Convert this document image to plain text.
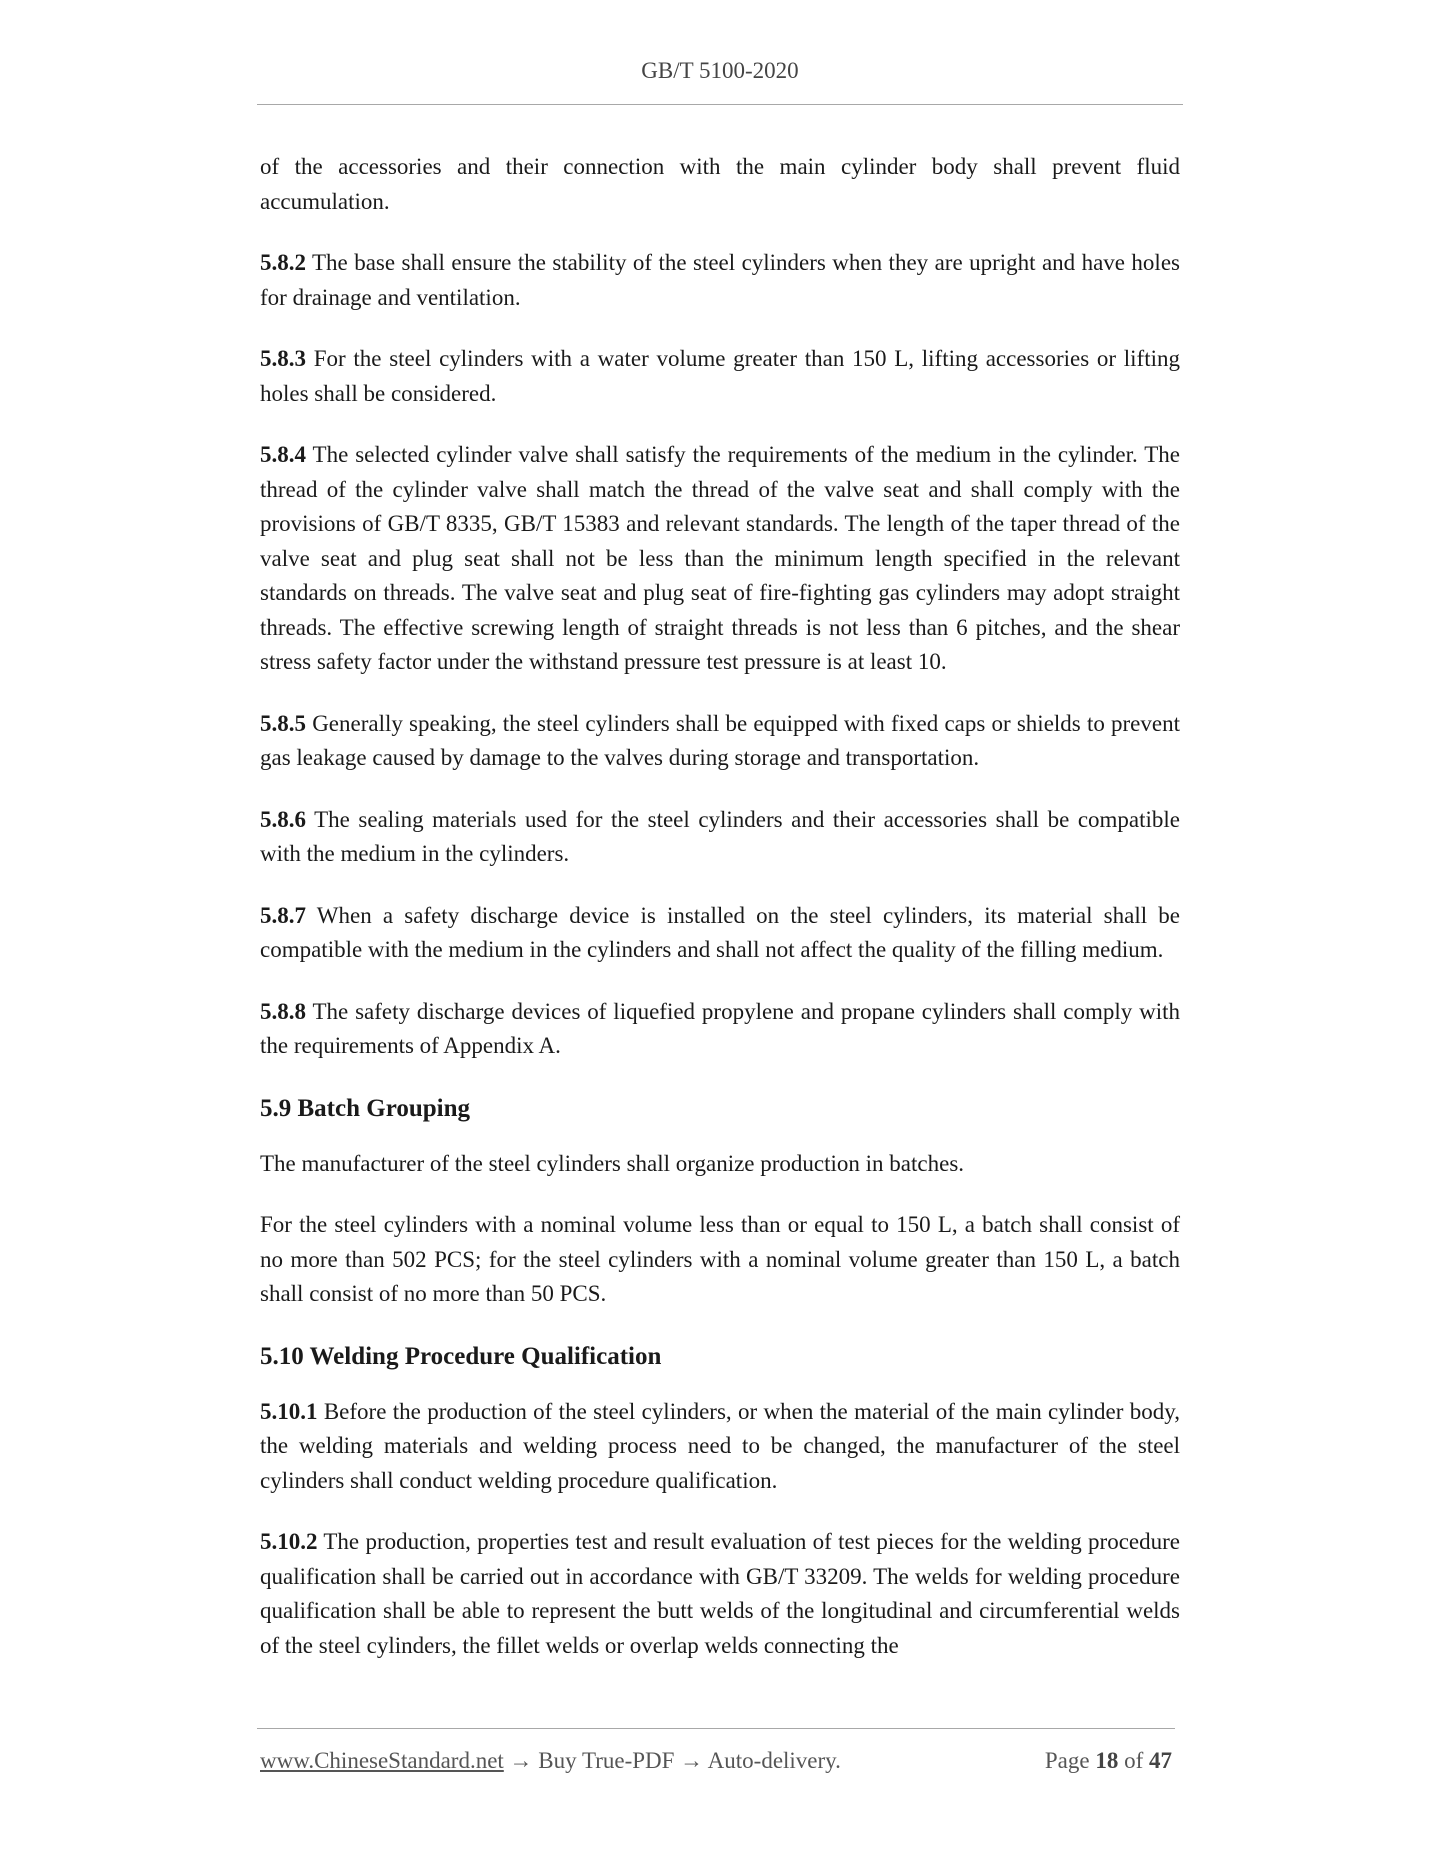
GB/T 5100-2020

of the accessories and their connection with the main cylinder body shall prevent fluid accumulation.

5.8.2 The base shall ensure the stability of the steel cylinders when they are upright and have holes for drainage and ventilation.

5.8.3 For the steel cylinders with a water volume greater than 150 L, lifting accessories or lifting holes shall be considered.

5.8.4 The selected cylinder valve shall satisfy the requirements of the medium in the cylinder. The thread of the cylinder valve shall match the thread of the valve seat and shall comply with the provisions of GB/T 8335, GB/T 15383 and relevant standards. The length of the taper thread of the valve seat and plug seat shall not be less than the minimum length specified in the relevant standards on threads. The valve seat and plug seat of fire-fighting gas cylinders may adopt straight threads. The effective screwing length of straight threads is not less than 6 pitches, and the shear stress safety factor under the withstand pressure test pressure is at least 10.

5.8.5 Generally speaking, the steel cylinders shall be equipped with fixed caps or shields to prevent gas leakage caused by damage to the valves during storage and transportation.

5.8.6 The sealing materials used for the steel cylinders and their accessories shall be compatible with the medium in the cylinders.

5.8.7 When a safety discharge device is installed on the steel cylinders, its material shall be compatible with the medium in the cylinders and shall not affect the quality of the filling medium.

5.8.8 The safety discharge devices of liquefied propylene and propane cylinders shall comply with the requirements of Appendix A.

5.9 Batch Grouping

The manufacturer of the steel cylinders shall organize production in batches.

For the steel cylinders with a nominal volume less than or equal to 150 L, a batch shall consist of no more than 502 PCS; for the steel cylinders with a nominal volume greater than 150 L, a batch shall consist of no more than 50 PCS.

5.10 Welding Procedure Qualification

5.10.1 Before the production of the steel cylinders, or when the material of the main cylinder body, the welding materials and welding process need to be changed, the manufacturer of the steel cylinders shall conduct welding procedure qualification.

5.10.2 The production, properties test and result evaluation of test pieces for the welding procedure qualification shall be carried out in accordance with GB/T 33209. The welds for welding procedure qualification shall be able to represent the butt welds of the longitudinal and circumferential welds of the steel cylinders, the fillet welds or overlap welds connecting the

www.ChineseStandard.net → Buy True-PDF → Auto-delivery.	Page 18 of 47
